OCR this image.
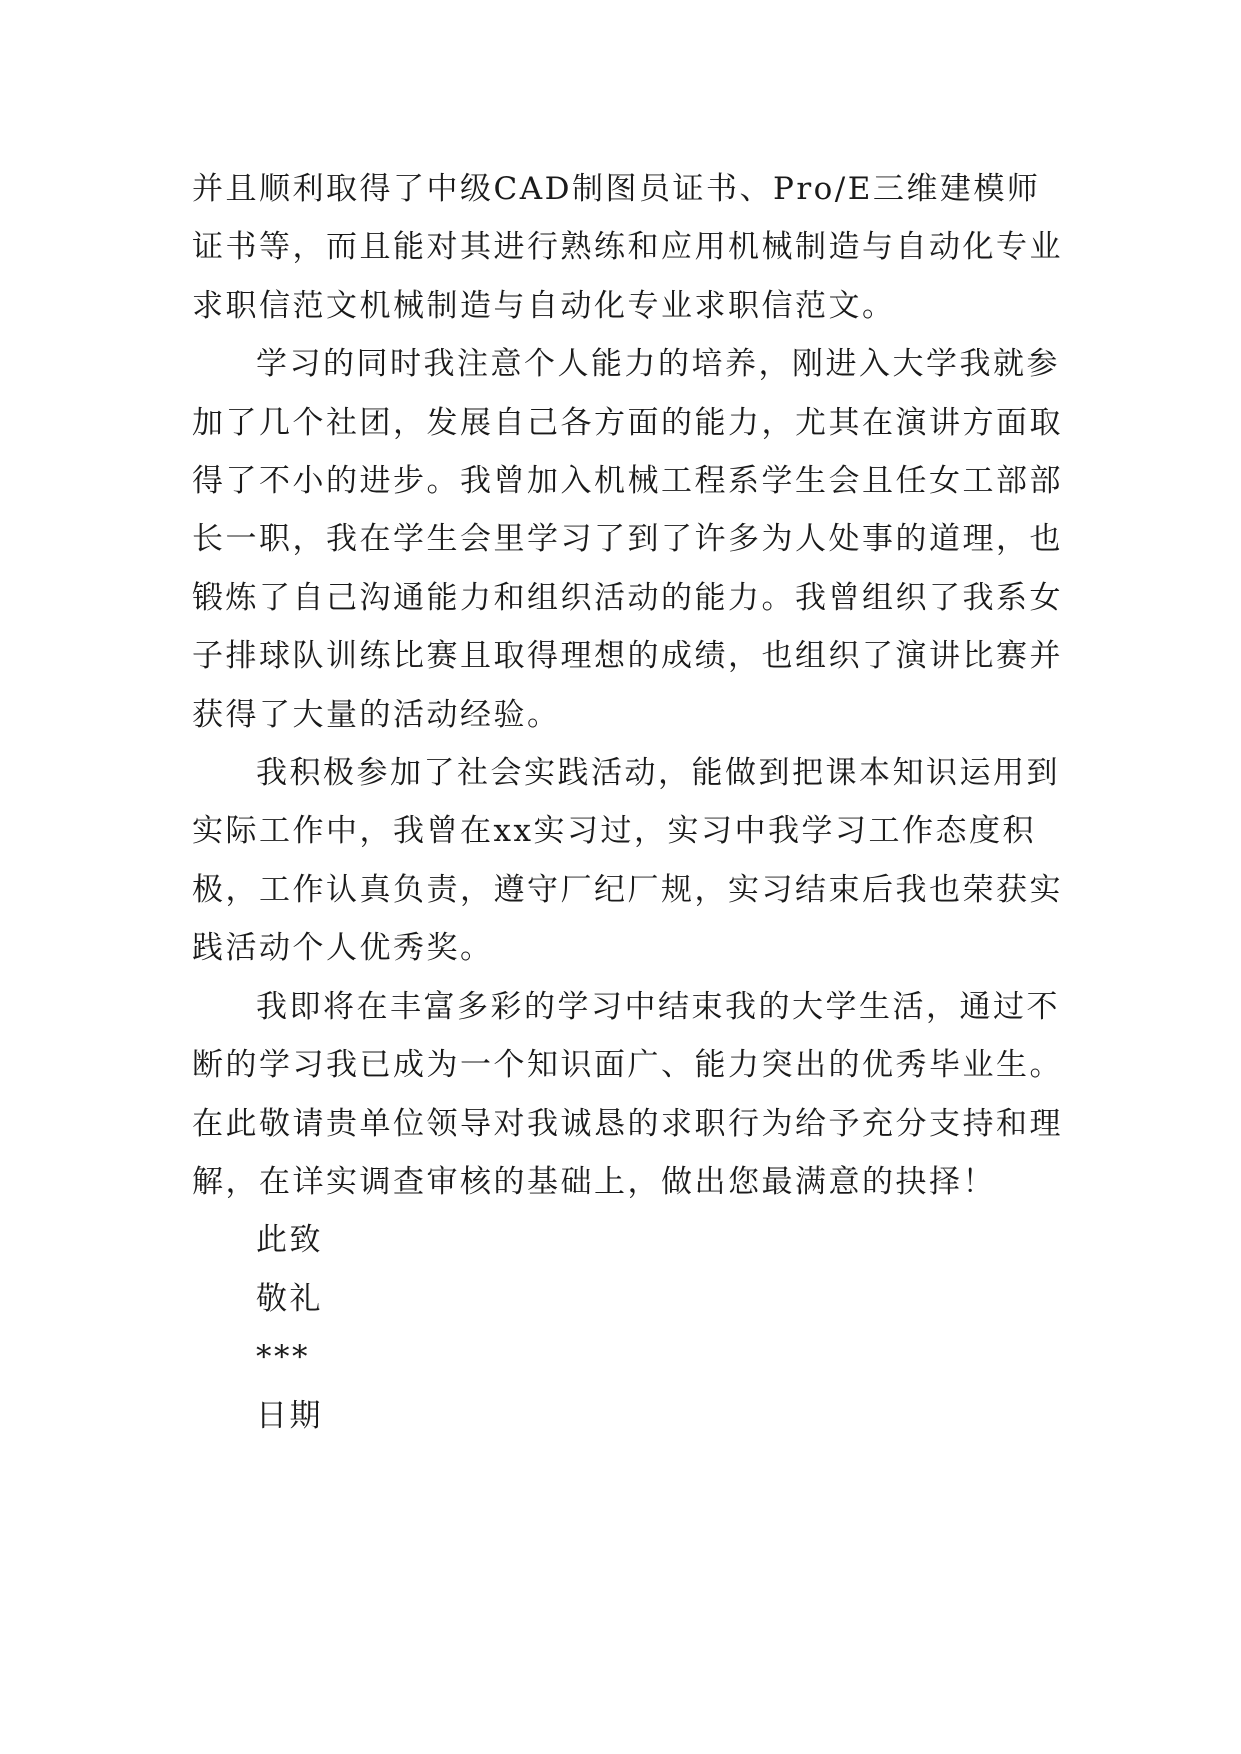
并且顺利取得了中级CAD制图员证书、Pro/E三维建模师证书等，而且能对其进行熟练和应用机械制造与自动化专业求职信范文机械制造与自动化专业求职信范文。

学习的同时我注意个人能力的培养，刚进入大学我就参加了几个社团，发展自己各方面的能力，尤其在演讲方面取得了不小的进步。我曾加入机械工程系学生会且任女工部部长一职，我在学生会里学习了到了许多为人处事的道理，也锻炼了自己沟通能力和组织活动的能力。我曾组织了我系女子排球队训练比赛且取得理想的成绩，也组织了演讲比赛并获得了大量的活动经验。

我积极参加了社会实践活动，能做到把课本知识运用到实际工作中，我曾在xx实习过，实习中我学习工作态度积极，工作认真负责，遵守厂纪厂规，实习结束后我也荣获实践活动个人优秀奖。

我即将在丰富多彩的学习中结束我的大学生活，通过不断的学习我已成为一个知识面广、能力突出的优秀毕业生。在此敬请贵单位领导对我诚恳的求职行为给予充分支持和理解，在详实调查审核的基础上，做出您最满意的抉择！

此致

敬礼

***

日期
